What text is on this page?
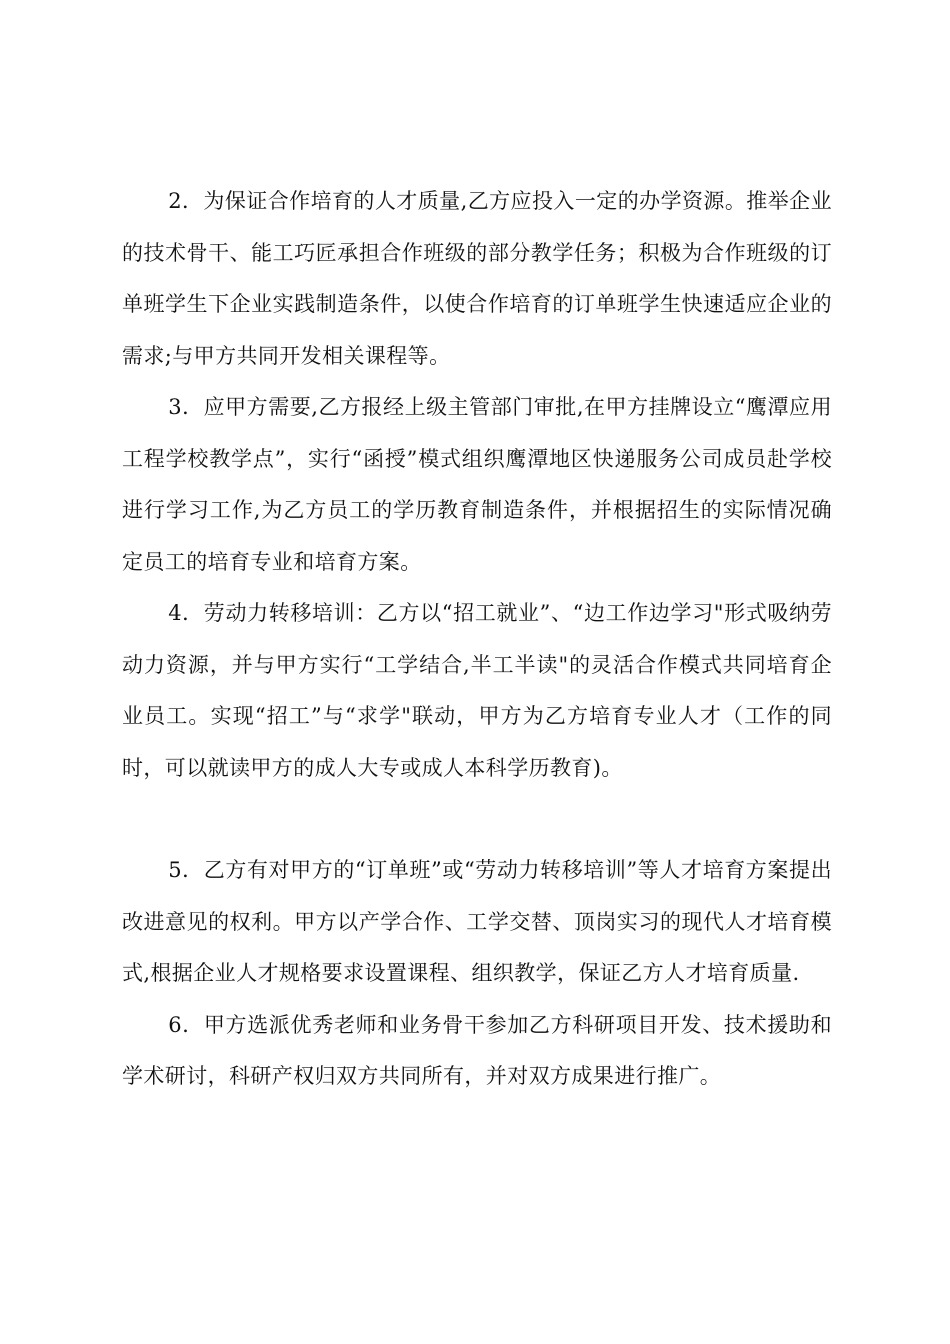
2．为保证合作培育的人才质量,乙方应投入一定的办学资源。推举企业的技术骨干、能工巧匠承担合作班级的部分教学任务；积极为合作班级的订单班学生下企业实践制造条件，以使合作培育的订单班学生快速适应企业的需求;与甲方共同开发相关课程等。

3．应甲方需要,乙方报经上级主管部门审批,在甲方挂牌设立“鹰潭应用工程学校教学点”，实行“函授”模式组织鹰潭地区快递服务公司成员赴学校进行学习工作,为乙方员工的学历教育制造条件，并根据招生的实际情况确定员工的培育专业和培育方案。

4．劳动力转移培训：乙方以“招工就业”、“边工作边学习"形式吸纳劳动力资源，并与甲方实行“工学结合,半工半读"的灵活合作模式共同培育企业员工。实现“招工”与“求学"联动，甲方为乙方培育专业人才（工作的同时，可以就读甲方的成人大专或成人本科学历教育)。

5．乙方有对甲方的“订单班”或“劳动力转移培训”等人才培育方案提出改进意见的权利。甲方以产学合作、工学交替、顶岗实习的现代人才培育模式,根据企业人才规格要求设置课程、组织教学，保证乙方人才培育质量.

6．甲方选派优秀老师和业务骨干参加乙方科研项目开发、技术援助和学术研讨，科研产权归双方共同所有，并对双方成果进行推广。
